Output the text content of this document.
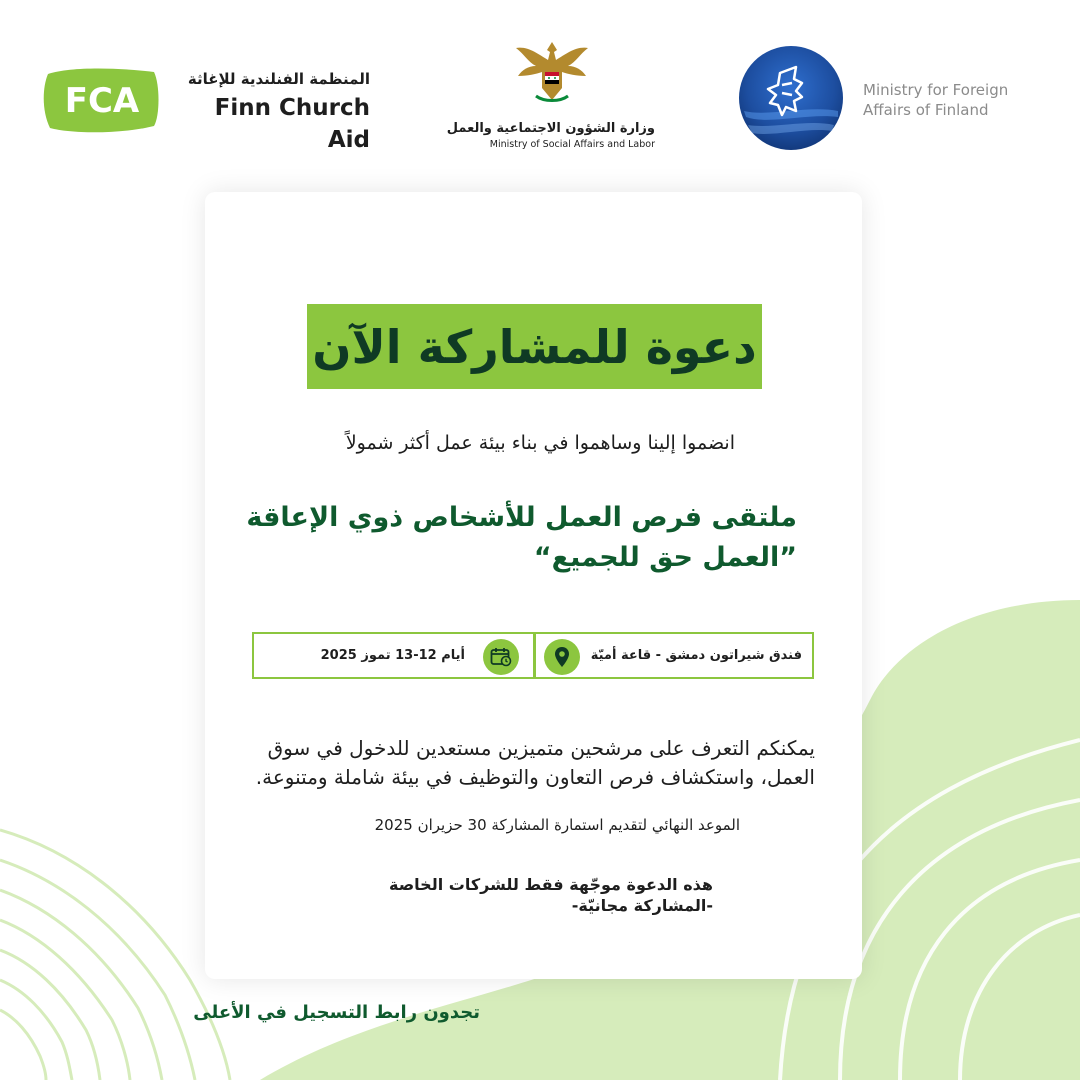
FCA
المنظمة الفنلندية للإغاثة
Finn Church Aid	وزارة الشؤون الاجتماعية والعمل
Ministry of Social Affairs and Labor
Ministry for Foreign
Affairs of Finland
دعوة للمشاركة الآن
انضموا إلينا وساهموا في بناء بيئة عمل أكثر شمولاً
ملتقى فرص العمل للأشخاص ذوي الإعاقة
”العمل حق للجميع“
أيام 12-13 تموز 2025	فندق شيراتون دمشق - قاعة أميّة
يمكنكم التعرف على مرشحين متميزين مستعدين للدخول في سوق العمل، واستكشاف فرص التعاون والتوظيف في بيئة شاملة ومتنوعة.
الموعد النهائي لتقديم استمارة المشاركة 30 حزيران 2025
هذه الدعوة موجّهة فقط للشركات الخاصة
-المشاركة مجانيّة-
تجدون رابط التسجيل في الأعلى
